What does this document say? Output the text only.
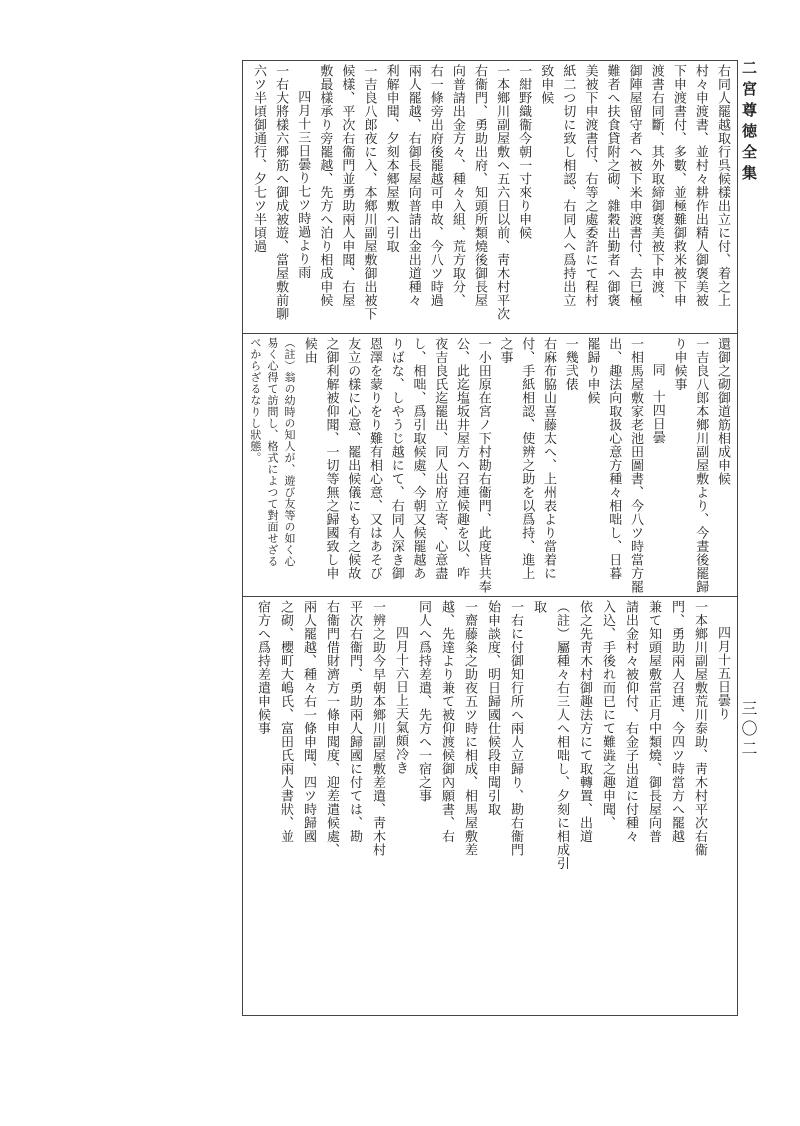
二宮尊徳全集
三〇二
右同人罷越取行呉候樣出立に付、着之上
村々申渡書、並村々耕作出精人御褒美被
下申渡書付、多數、並極難御救米被下申
渡書右同斷、其外取締御褒美被下申渡、
御陣屋留守者へ被下米申渡書付、去巳極
難者へ扶食貸附之砌、雜穀出勤者へ御褒
美被下申渡書付、右等之處委許にて程村
紙二つ切に致し相認、右同人へ爲持出立
致申候
一紺野織衞今朝一寸來り申候
一本鄉川副屋敷へ五六日以前、靑木村平次
右衞門、勇助出府、知頭所類燒後御長屋
向普請出金方々、種々入組、荒方取分、
右一條旁出府後罷越可申故、今八ツ時過
兩人罷越、右御長屋向普請出金出道種々
利解申聞、夕刻本郷屋敷へ引取
一吉良八郎夜に入、本鄉川副屋敷御出被下
候樣、平次右衞門並勇助兩人申聞、右屋
敷最樣承り旁罷越、先方へ泊り相成申候
四月十三日曇り七ツ時過より雨
一右大將樣六郷筋へ御成被遊、當屋敷前聊
六ツ半頃御通行、夕七ツ半頃過
還御之砌御道筋相成申候
一吉良八郎本鄉川副屋敷より、今晝後罷歸
り申候事
同　十四日曇
一相馬屋敷家老池田圖書、今八ツ時當方罷
出、趣法向取扱心意方種々相咄し、日暮
罷歸り申候
一幾弐俵
右麻布脇山喜藤太へ、上州表より當着に
付、手紙相認、使辨之助を以爲持、進上
之事
一小田原在宮ノ下村勘右衞門、此度皆共奉
公、此迄塩坂井屋方へ召連候趣を以、咋
夜吉良氏迄罷出、同人出府立寄、心意盡
し、相咄、爲引取候處、今朝又候罷越あ
りばな、しやうじ越にて、右同人深き御
恩澤を蒙りをり難有相心意、又はあそび
友立の樣に心意、罷出候儀にも有之候故
之御利解被仰聞、一切等無之歸國致し申
候由
（註）翁の幼時の知人が、遊び友等の如く心
易く心得て訪問し、格式によつて對面せざる
べからざるなりし狀態。
四月十五日曇り
一本鄉川副屋敷荒川泰助、靑木村平次右衞
門、勇助兩人召連、今四ツ時當方へ罷越
兼て知頭屋敷當正月中類燒、御長屋向普
請出金村々被仰付、右金子出道に付種々
入込、手後れ而已にて難澁之趣申聞、
依之先靑木村御趣法方にて取轉置、出道
（註）屬種々右三人へ相咄し、夕刻に相成引
取
一右に付御知行所へ兩人立歸り、勘右衞門
始申談度、明日歸國仕候段申聞引取
一齋藤粂之助夜五ツ時に相成、相馬屋敷差
越、先達より兼て被仰渡候御內願書、右
同人へ爲持差遣、先方へ一宿之事
四月十六日上天氣頗冷き
一辨之助今早朝本鄉川副屋敷差遣、靑木村
平次右衞門、勇助兩人歸國に付ては、勘
右衞門借財濟方一條申聞度、迎差遣候處、
兩人罷越、種々右一條申聞、四ツ時歸國
之砌、櫻町大嶋氏、富田氏兩人書狀、並
宿方へ爲持差遣申候事
